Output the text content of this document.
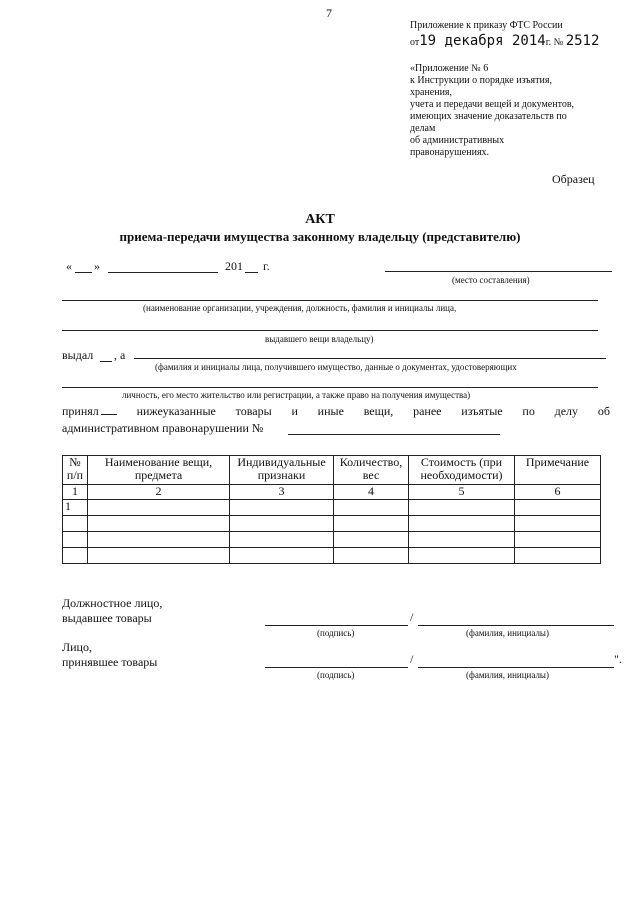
7
Приложение к приказу ФТС России
от19 декабря 2014г. № 2512
«Приложение № 6
к Инструкции о порядке изъятия,
хранения,
учета и передачи вещей и документов,
имеющих значение доказательств по
делам
об административных
правонарушениях.
Образец
АКТ
приема-передачи имущества законному владельцу (представителю)
« »	201 г.
(место составления)
(наименование организации, учреждения, должность, фамилия и инициалы лица,
выдавшего вещи владельцу)
выдал , а
(фамилия и инициалы лица, получившего имущество, данные о документах, удостоверяющих
личность, его место жительство или регистрации, а также право на получения имущества)
принял	нижеуказанные товары и иные вещи, ранее изъятые по делу об
административном правонарушении №
№ п/п	Наименование вещи, предмета	Индивидуальные признаки	Количество, вес	Стоимость (при необходимости)	Примечание
1	2	3	4	5	6
1					

Должностное лицо,
выдавшее товары	/
(подпись)	(фамилия, инициалы)
Лицо,
принявшее товары	/	".
(подпись)	(фамилия, инициалы)
